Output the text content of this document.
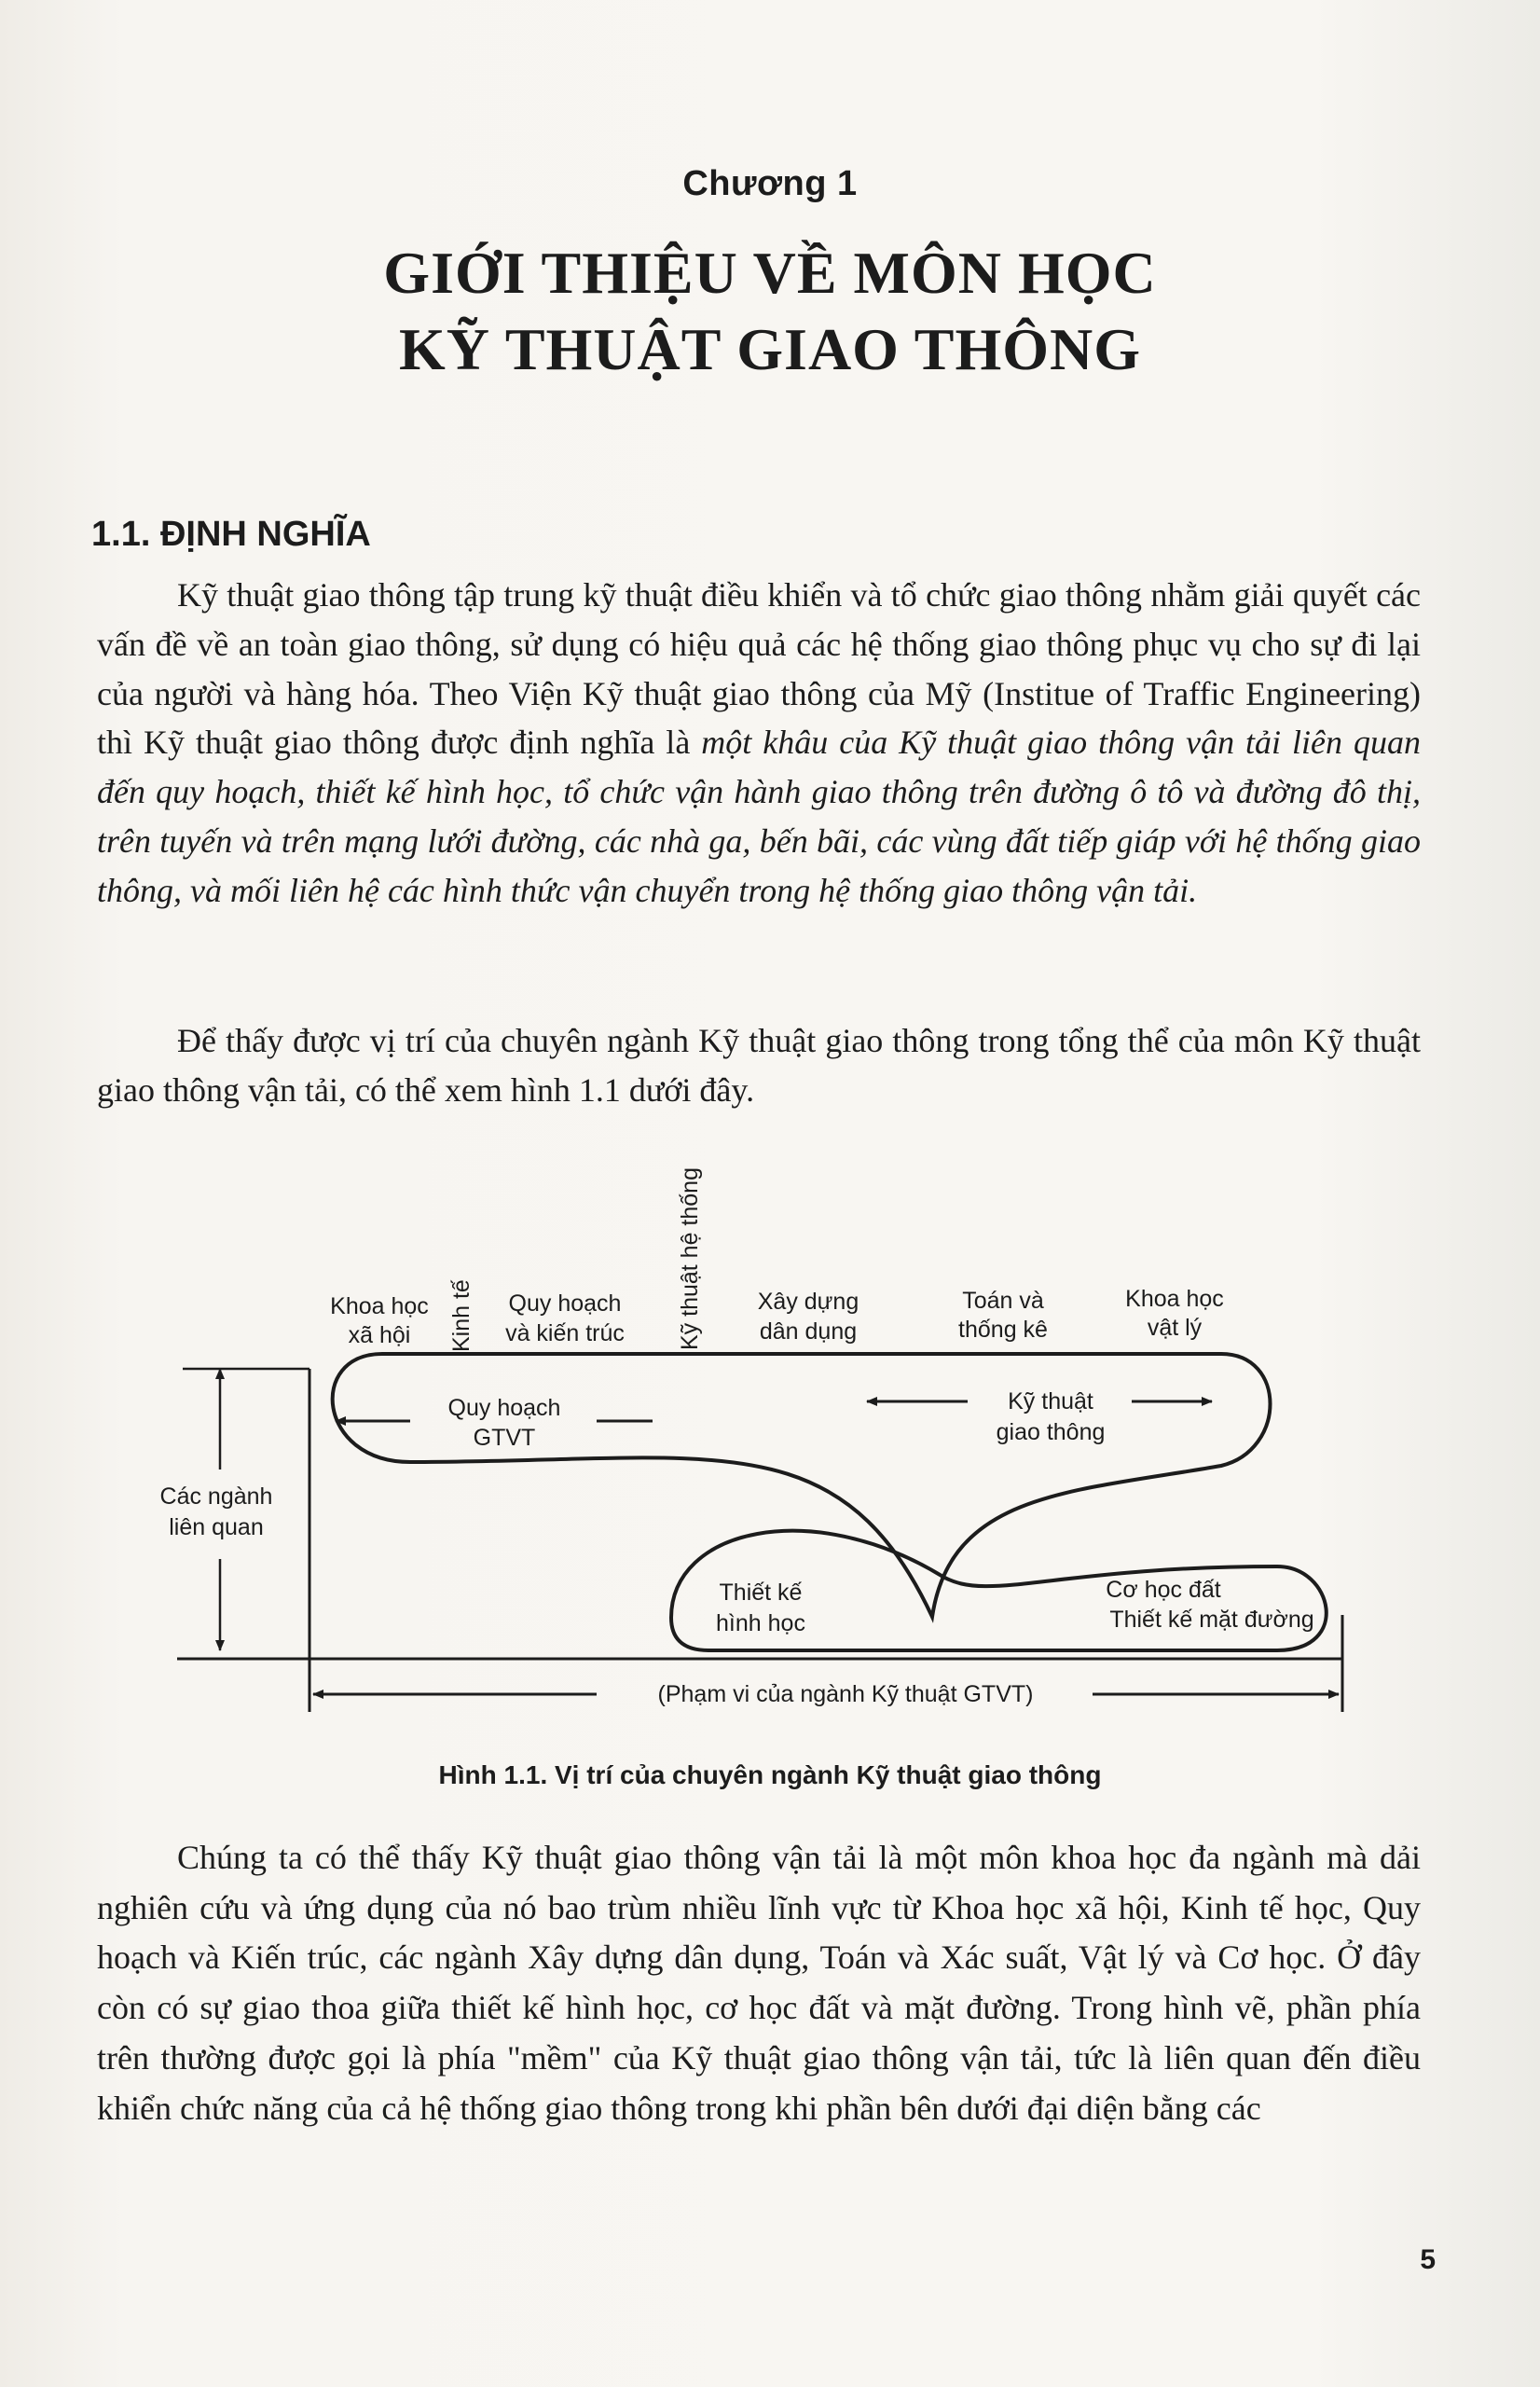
Chương 1
GIỚI THIỆU VỀ MÔN HỌC
KỸ THUẬT GIAO THÔNG
1.1. ĐỊNH NGHĨA

Kỹ thuật giao thông tập trung kỹ thuật điều khiển và tổ chức giao thông nhằm giải quyết các vấn đề về an toàn giao thông, sử dụng có hiệu quả các hệ thống giao thông phục vụ cho sự đi lại của người và hàng hóa. Theo Viện Kỹ thuật giao thông của Mỹ (Institue of Traffic Engineering) thì Kỹ thuật giao thông được định nghĩa là một khâu của Kỹ thuật giao thông vận tải liên quan đến quy hoạch, thiết kế hình học, tổ chức vận hành giao thông trên đường ô tô và đường đô thị, trên tuyến và trên mạng lưới đường, các nhà ga, bến bãi, các vùng đất tiếp giáp với hệ thống giao thông, và mối liên hệ các hình thức vận chuyển trong hệ thống giao thông vận tải.

Để thấy được vị trí của chuyên ngành Kỹ thuật giao thông trong tổng thể của môn Kỹ thuật giao thông vận tải, có thể xem hình 1.1 dưới đây.

Khoa học
xã hội Kinh tế Quy hoạch
và kiến trúc Kỹ thuật hệ thống Xây dựng
dân dụng
Toán và
thống kê
Khoa học
vật lý
Các ngành
liên quan
Quy hoạch
GTVT
Kỹ thuật
giao thông
Thiết kế
hình học
Cơ học đất
Thiết kế mặt đường
(Phạm vi của ngành Kỹ thuật GTVT)
Hình 1.1. Vị trí của chuyên ngành Kỹ thuật giao thông

Chúng ta có thể thấy Kỹ thuật giao thông vận tải là một môn khoa học đa ngành mà dải nghiên cứu và ứng dụng của nó bao trùm nhiều lĩnh vực từ Khoa học xã hội, Kinh tế học, Quy hoạch và Kiến trúc, các ngành Xây dựng dân dụng, Toán và Xác suất, Vật lý và Cơ học. Ở đây còn có sự giao thoa giữa thiết kế hình học, cơ học đất và mặt đường. Trong hình vẽ, phần phía trên thường được gọi là phía "mềm" của Kỹ thuật giao thông vận tải, tức là liên quan đến điều khiển chức năng của cả hệ thống giao thông trong khi phần bên dưới đại diện bằng các

5
